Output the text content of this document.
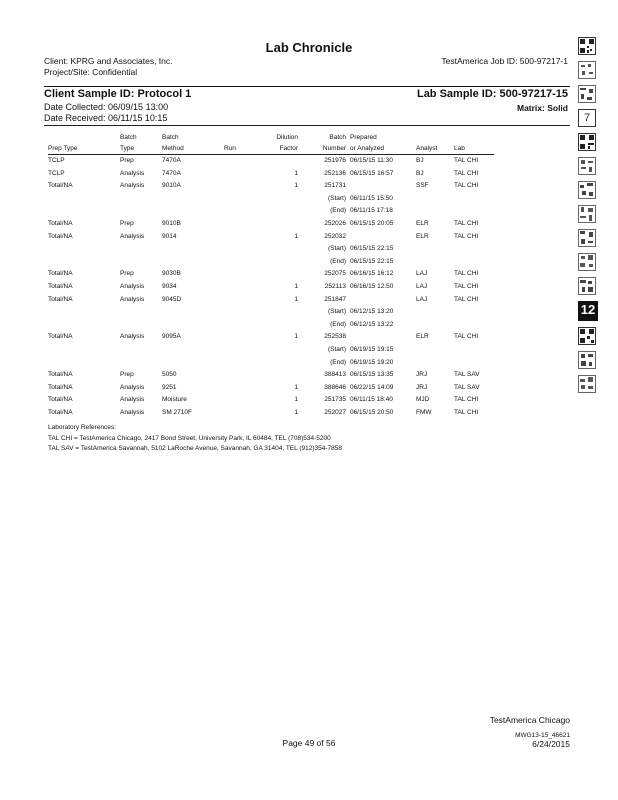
Lab Chronicle
Client: KPRG and Associates, Inc.	TestAmerica Job ID: 500-97217-1
Project/Site: Confidential
Client Sample ID: Protocol 1	Lab Sample ID: 500-97217-15
Date Collected: 06/09/15 13:00	Matrix: Solid
Date Received: 06/11/15 10:15
	Batch	Batch		Dilution	Batch	Prepared		
Prep Type	Type	Method	Run	Factor	Number	or Analyzed	Analyst	Lab
TCLP	Prep	7470A			251976	06/15/15 11:30	BJ	TAL CHI
TCLP	Analysis	7470A		1	252136	06/15/15 16:57	BJ	TAL CHI
Total/NA	Analysis	9010A		1	251731		SSF	TAL CHI
					(Start)	06/11/15 15:50		
					(End)	06/11/15 17:18		
Total/NA	Prep	9010B			252026	06/15/15 20:05	ELR	TAL CHI
Total/NA	Analysis	9014		1	252032		ELR	TAL CHI
					(Start)	06/15/15 22:15		
					(End)	06/15/15 22:15		
Total/NA	Prep	9030B			252075	06/16/15 16:12	LAJ	TAL CHI
Total/NA	Analysis	9034		1	252113	06/16/15 12:50	LAJ	TAL CHI
Total/NA	Analysis	9045D		1	251847		LAJ	TAL CHI
					(Start)	06/12/15 13:20		
					(End)	06/12/15 13:22		
Total/NA	Analysis	9095A		1	252538		ELR	TAL CHI
					(Start)	06/19/15 19:15		
					(End)	06/19/15 19:20		
Total/NA	Prep	5050			388413	06/15/15 13:35	JRJ	TAL SAV
Total/NA	Analysis	9251		1	388646	06/22/15 14:09	JRJ	TAL SAV
Total/NA	Analysis	Moisture		1	251735	06/11/15 18:40	MJD	TAL CHI
Total/NA	Analysis	SM 2710F		1	252027	06/15/15 20:50	FMW	TAL CHI
Laboratory References:
TAL CHI = TestAmerica Chicago, 2417 Bond Street, University Park, IL 60484, TEL (708)534-5200
TAL SAV = TestAmerica Savannah, 5102 LaRoche Avenue, Savannah, GA 31404, TEL (912)354-7858
TestAmerica Chicago
MWG13-15_46621
Page 49 of 56	6/24/2015
7
12
